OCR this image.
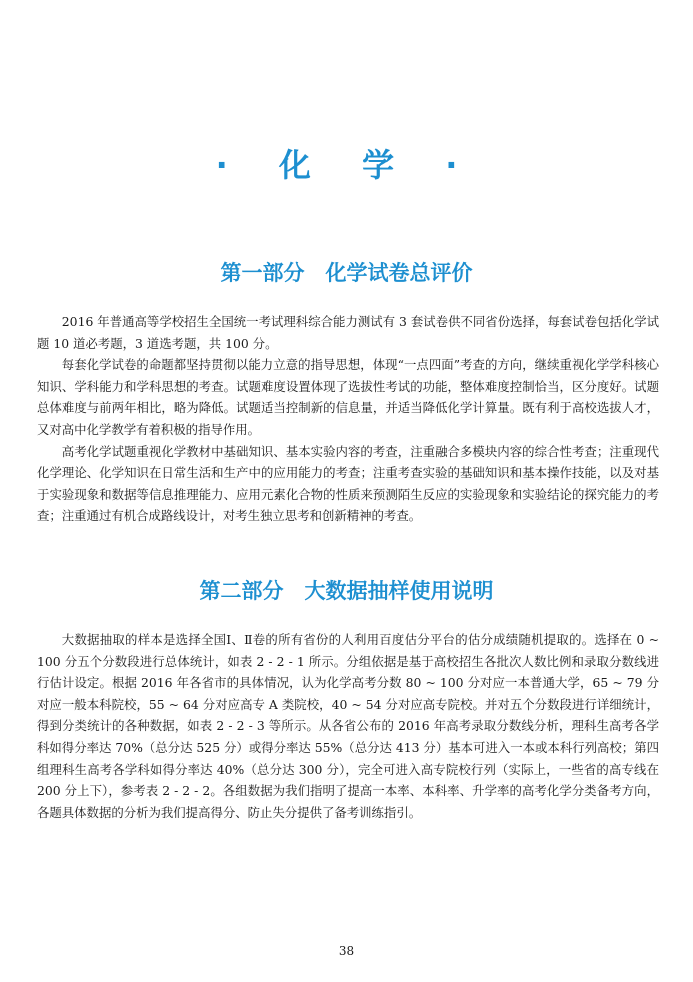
· 化 学 ·
第一部分　化学试卷总评价

2016 年普通高等学校招生全国统一考试理科综合能力测试有 3 套试卷供不同省份选择，每套试卷包括化学试题 10 道必考题，3 道选考题，共 100 分。

每套化学试卷的命题都坚持贯彻以能力立意的指导思想，体现“一点四面”考查的方向，继续重视化学学科核心知识、学科能力和学科思想的考查。试题难度设置体现了选拔性考试的功能，整体难度控制恰当，区分度好。试题总体难度与前两年相比，略为降低。试题适当控制新的信息量，并适当降低化学计算量。既有利于高校选拔人才，又对高中化学教学有着积极的指导作用。

高考化学试题重视化学教材中基础知识、基本实验内容的考查，注重融合多模块内容的综合性考查；注重现代化学理论、化学知识在日常生活和生产中的应用能力的考查；注重考查实验的基础知识和基本操作技能，以及对基于实验现象和数据等信息推理能力、应用元素化合物的性质来预测陌生反应的实验现象和实验结论的探究能力的考查；注重通过有机合成路线设计，对考生独立思考和创新精神的考查。

第二部分　大数据抽样使用说明

大数据抽取的样本是选择全国Ⅰ、Ⅱ卷的所有省份的人利用百度估分平台的估分成绩随机提取的。选择在 0 ~ 100 分五个分数段进行总体统计，如表 2 - 2 - 1 所示。分组依据是基于高校招生各批次人数比例和录取分数线进行估计设定。根据 2016 年各省市的具体情况，认为化学高考分数 80 ~ 100 分对应一本普通大学，65 ~ 79 分对应一般本科院校，55 ~ 64 分对应高专 A 类院校，40 ~ 54 分对应高专院校。并对五个分数段进行详细统计，得到分类统计的各种数据，如表 2 - 2 - 3 等所示。从各省公布的 2016 年高考录取分数线分析，理科生高考各学科如得分率达 70%（总分达 525 分）或得分率达 55%（总分达 413 分）基本可进入一本或本科行列高校；第四组理科生高考各学科如得分率达 40%（总分达 300 分），完全可进入高专院校行列（实际上，一些省的高专线在 200 分上下），参考表 2 - 2 - 2。各组数据为我们指明了提高一本率、本科率、升学率的高考化学分类备考方向，各题具体数据的分析为我们提高得分、防止失分提供了备考训练指引。

38
